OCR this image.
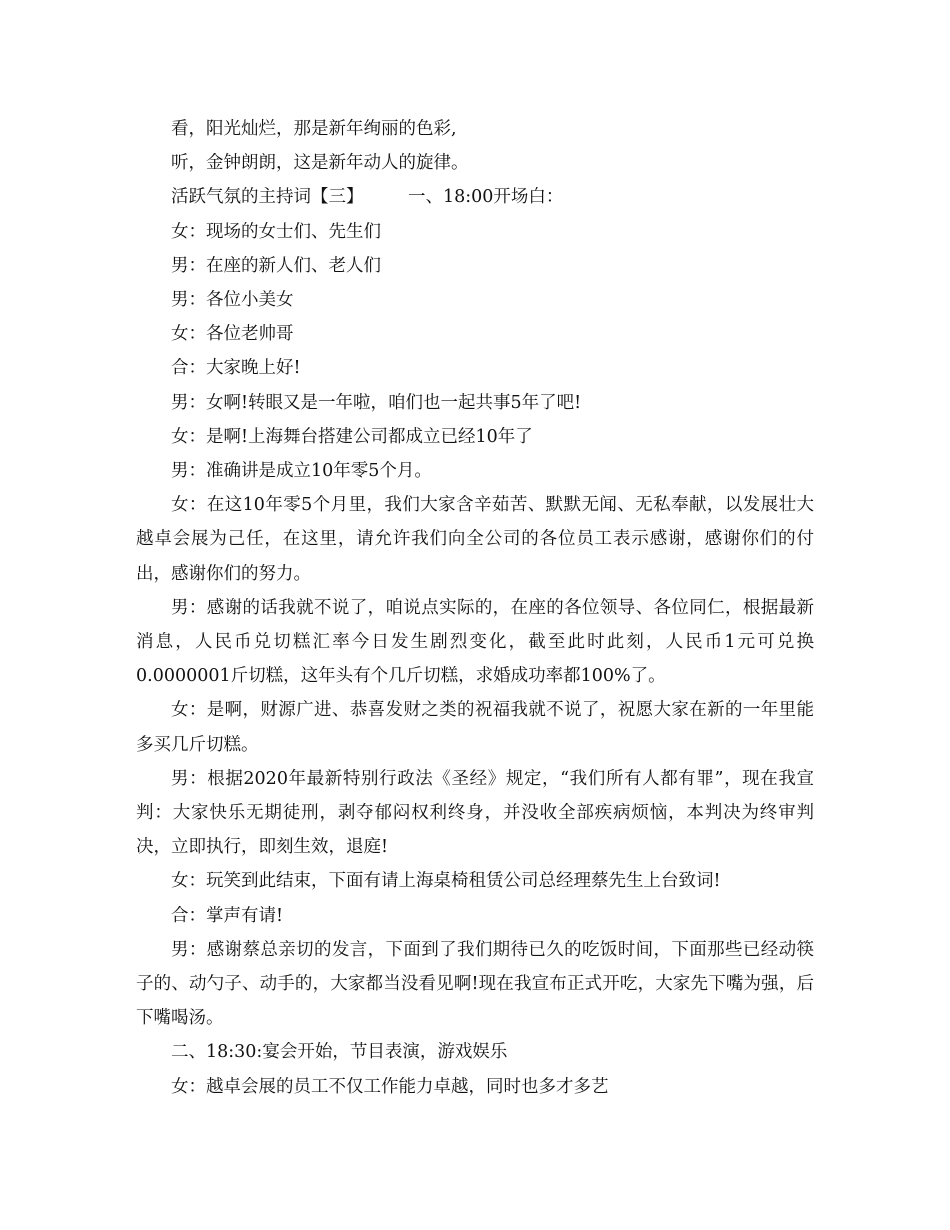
看，阳光灿烂，那是新年绚丽的色彩,

听，金钟朗朗，这是新年动人的旋律。

活跃气氛的主持词【三】        一、18:00开场白：

女：现场的女士们、先生们

男：在座的新人们、老人们

男：各位小美女

女：各位老帅哥

合：大家晚上好!

男：女啊!转眼又是一年啦，咱们也一起共事5年了吧!

女：是啊!上海舞台搭建公司都成立已经10年了

男：准确讲是成立10年零5个月。

女：在这10年零5个月里，我们大家含辛茹苦、默默无闻、无私奉献，以发展壮大越卓会展为己任，在这里，请允许我们向全公司的各位员工表示感谢，感谢你们的付出，感谢你们的努力。

男：感谢的话我就不说了，咱说点实际的，在座的各位领导、各位同仁，根据最新消息，人民币兑切糕汇率今日发生剧烈变化，截至此时此刻，人民币1元可兑换0.0000001斤切糕，这年头有个几斤切糕，求婚成功率都100%了。

女：是啊，财源广进、恭喜发财之类的祝福我就不说了，祝愿大家在新的一年里能多买几斤切糕。

男：根据2020年最新特别行政法《圣经》规定，“我们所有人都有罪”，现在我宣判：大家快乐无期徒刑，剥夺郁闷权利终身，并没收全部疾病烦恼，本判决为终审判决，立即执行，即刻生效，退庭!

女：玩笑到此结束，下面有请上海桌椅租赁公司总经理蔡先生上台致词!

合：掌声有请!

男：感谢蔡总亲切的发言，下面到了我们期待已久的吃饭时间，下面那些已经动筷子的、动勺子、动手的，大家都当没看见啊!现在我宣布正式开吃，大家先下嘴为强，后下嘴喝汤。

二、18:30:宴会开始，节目表演，游戏娱乐

女：越卓会展的员工不仅工作能力卓越，同时也多才多艺
